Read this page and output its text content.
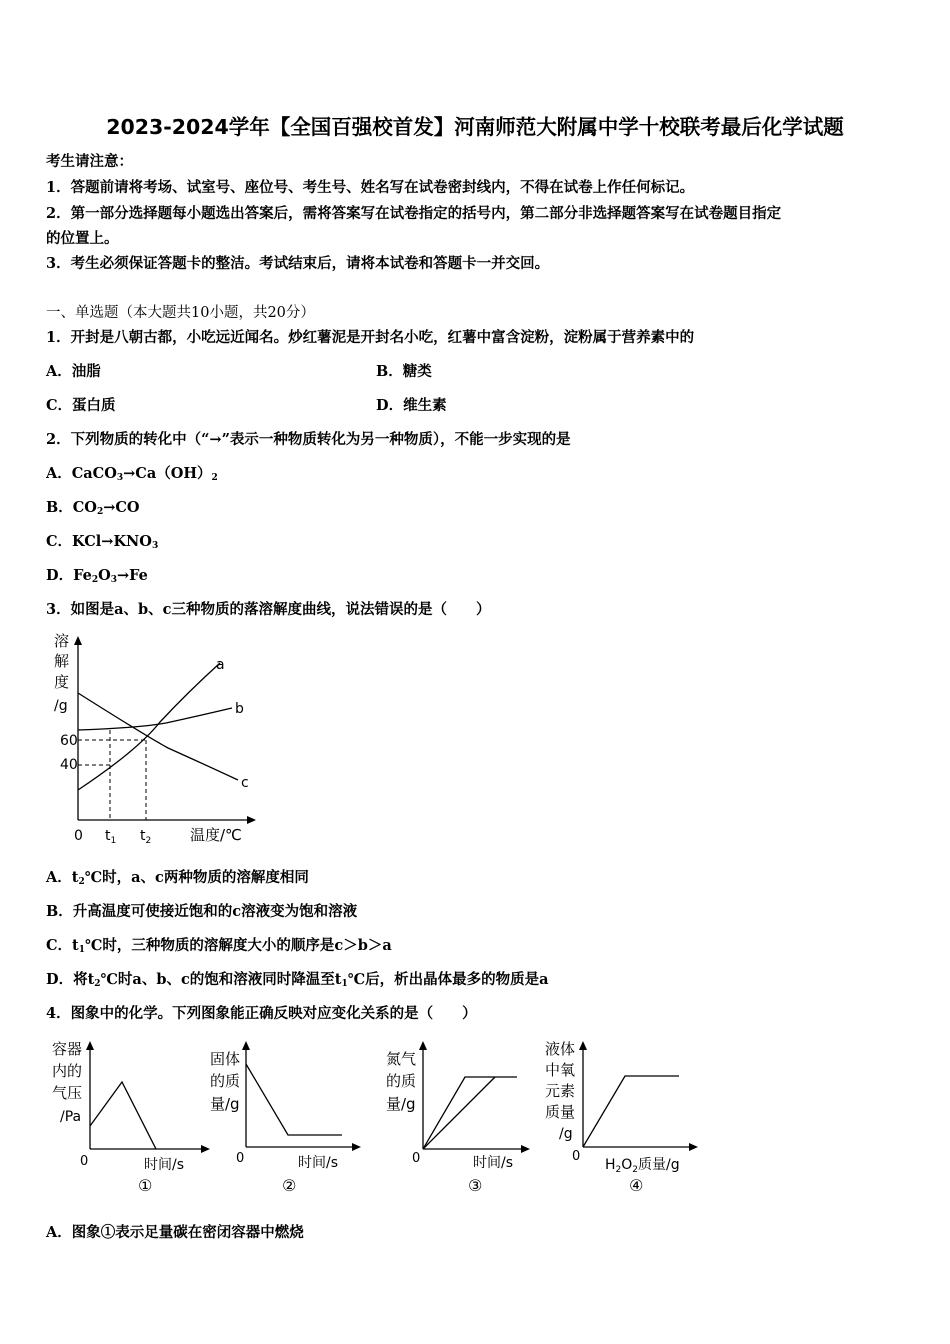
2023-2024学年【全国百强校首发】河南师范大附属中学十校联考最后化学试题
考生请注意：
1．答题前请将考场、试室号、座位号、考生号、姓名写在试卷密封线内，不得在试卷上作任何标记。
2．第一部分选择题每小题选出答案后，需将答案写在试卷指定的括号内，第二部分非选择题答案写在试卷题目指定
的位置上。
3．考生必须保证答题卡的整洁。考试结束后，请将本试卷和答题卡一并交回。
一、单选题（本大题共10小题，共20分）
1．开封是八朝古都，小吃远近闻名。炒红薯泥是开封名小吃，红薯中富含淀粉，淀粉属于营养素中的
A．油脂	B．糖类
C．蛋白质	D．维生素
2．下列物质的转化中（“→”表示一种物质转化为另一种物质），不能一步实现的是
A．$CaCO_3\to Ca(OH)_2$
B．$CO_2\to CO$
C．$KCl\to KNO_3$
D．$Fe_2O_3\to Fe$
3．如图是a、b、c三种物质的落溶解度曲线，说法错误的是（　　）
溶
解
度
/g
60
40
0 $t_1$ $t_2$	温度/℃
a
b
c
A．$t_2℃$时，a、c两种物质的溶解度相同
B．升高温度可使接近饱和的c溶液变为饱和溶液
C．$t_1℃$时，三种物质的溶解度大小的顺序是c＞b＞a
D．将$t_2℃$时a、b、c的饱和溶液同时降温至$t_1℃$后，析出晶体最多的物质是a
4．图象中的化学。下列图象能正确反映对应变化关系的是（　　）
容器
内的
气压
/Pa
0	时间/s
①
固体
的质
量/g
0	时间/s
②
氮气
的质
量/g
0	时间/s
③
液体
中氧
元素
质量
/g
0
$H_2O_2$质量/g
④
A．图象①表示足量碳在密闭容器中燃烧
